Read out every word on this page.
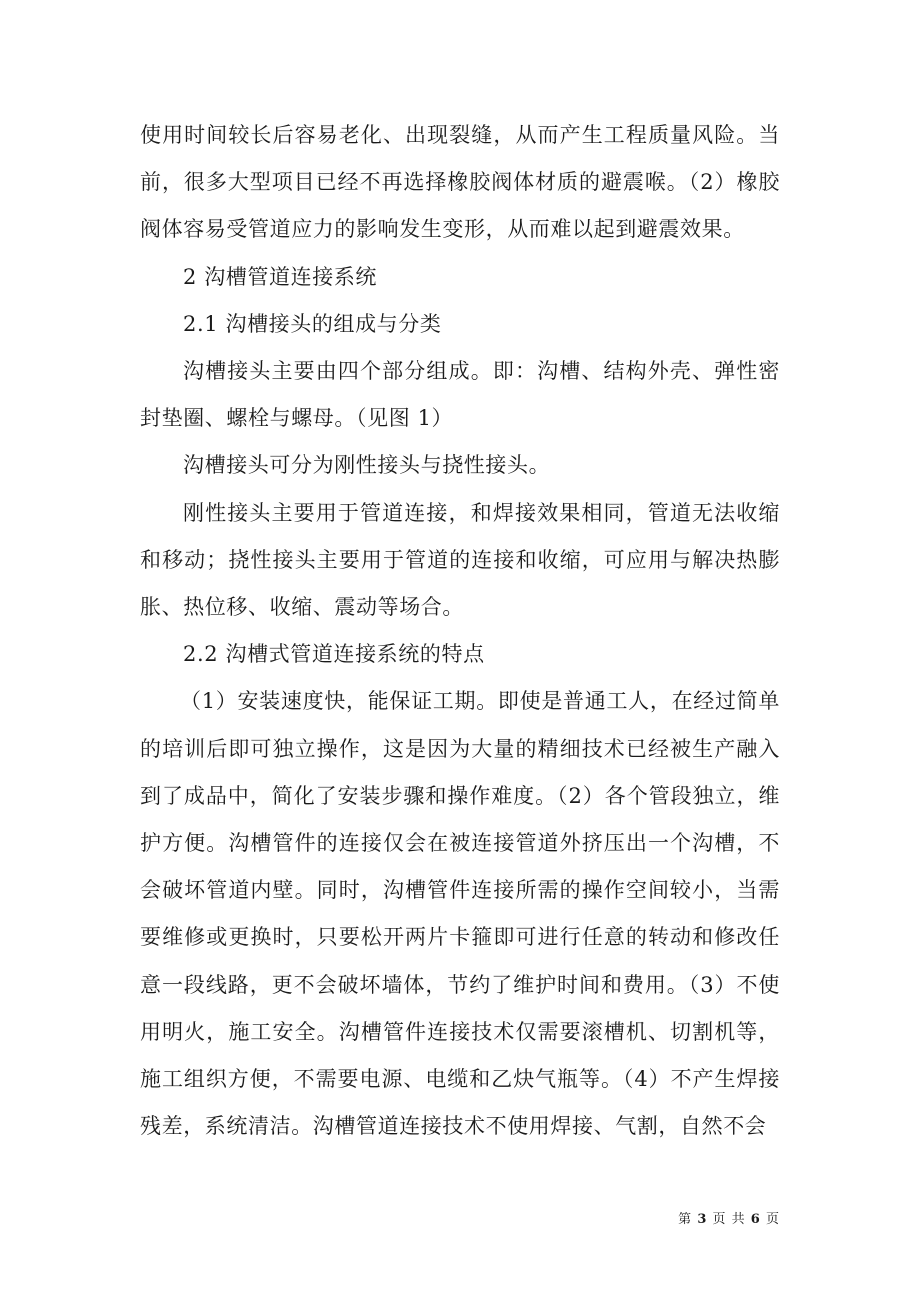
使用时间较长后容易老化、出现裂缝，从而产生工程质量风险。当前，很多大型项目已经不再选择橡胶阀体材质的避震喉。（2）橡胶阀体容易受管道应力的影响发生变形，从而难以起到避震效果。

2 沟槽管道连接系统

2.1 沟槽接头的组成与分类

沟槽接头主要由四个部分组成。即：沟槽、结构外壳、弹性密封垫圈、螺栓与螺母。（见图 1）

沟槽接头可分为刚性接头与挠性接头。

刚性接头主要用于管道连接，和焊接效果相同，管道无法收缩和移动；挠性接头主要用于管道的连接和收缩，可应用与解决热膨胀、热位移、收缩、震动等场合。

2.2 沟槽式管道连接系统的特点

（1）安装速度快，能保证工期。即使是普通工人，在经过简单的培训后即可独立操作，这是因为大量的精细技术已经被生产融入到了成品中，简化了安装步骤和操作难度。（2）各个管段独立，维护方便。沟槽管件的连接仅会在被连接管道外挤压出一个沟槽，不会破坏管道内壁。同时，沟槽管件连接所需的操作空间较小，当需要维修或更换时，只要松开两片卡箍即可进行任意的转动和修改任意一段线路，更不会破坏墙体，节约了维护时间和费用。（3）不使用明火，施工安全。沟槽管件连接技术仅需要滚槽机、切割机等，施工组织方便，不需要电源、电缆和乙炔气瓶等。（4）不产生焊接残差，系统清洁。沟槽管道连接技术不使用焊接、气割，自然不会

第 3 页 共 6 页
